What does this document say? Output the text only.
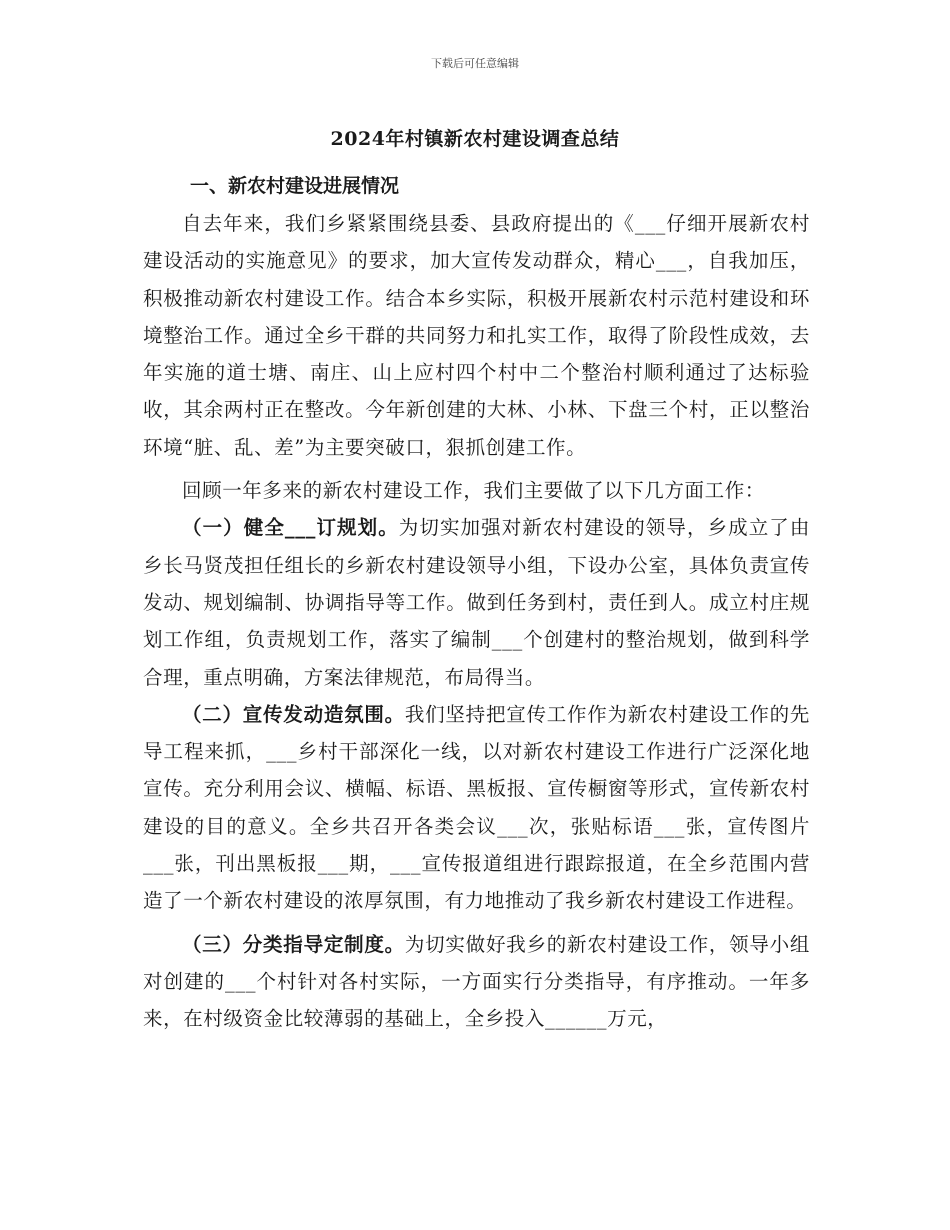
下载后可任意编辑
2024年村镇新农村建设调查总结
一、新农村建设进展情况

自去年来，我们乡紧紧围绕县委、县政府提出的《___仔细开展新农村建设活动的实施意见》的要求，加大宣传发动群众，精心___，自我加压，积极推动新农村建设工作。结合本乡实际，积极开展新农村示范村建设和环境整治工作。通过全乡干群的共同努力和扎实工作，取得了阶段性成效，去年实施的道士塘、南庄、山上应村四个村中二个整治村顺利通过了达标验收，其余两村正在整改。今年新创建的大林、小林、下盘三个村，正以整治环境“脏、乱、差”为主要突破口，狠抓创建工作。

回顾一年多来的新农村建设工作，我们主要做了以下几方面工作：

（一）健全___订规划。为切实加强对新农村建设的领导，乡成立了由乡长马贤茂担任组长的乡新农村建设领导小组，下设办公室，具体负责宣传发动、规划编制、协调指导等工作。做到任务到村，责任到人。成立村庄规划工作组，负责规划工作，落实了编制___个创建村的整治规划，做到科学合理，重点明确，方案法律规范，布局得当。

（二）宣传发动造氛围。我们坚持把宣传工作作为新农村建设工作的先导工程来抓，___乡村干部深化一线，以对新农村建设工作进行广泛深化地宣传。充分利用会议、横幅、标语、黑板报、宣传橱窗等形式，宣传新农村建设的目的意义。全乡共召开各类会议___次，张贴标语___张，宣传图片___张，刊出黑板报___期，___宣传报道组进行跟踪报道，在全乡范围内营造了一个新农村建设的浓厚氛围，有力地推动了我乡新农村建设工作进程。

（三）分类指导定制度。为切实做好我乡的新农村建设工作，领导小组对创建的___个村针对各村实际，一方面实行分类指导，有序推动。一年多来，在村级资金比较薄弱的基础上，全乡投入______万元，
